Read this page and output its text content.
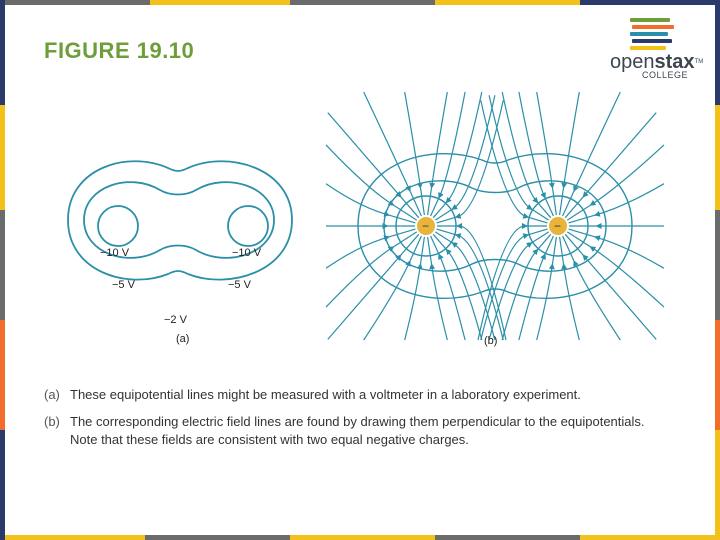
FIGURE 19.10	openstax™
COLLEGE
−10 V	−10 V
−5 V	−5 V
−2 V
(a)
−	−
(b)
(a) These equipotential lines might be measured with a voltmeter in a laboratory experiment.
(b) The corresponding electric field lines are found by drawing them perpendicular to the equipotentials. Note that these fields are consistent with two equal negative charges.
